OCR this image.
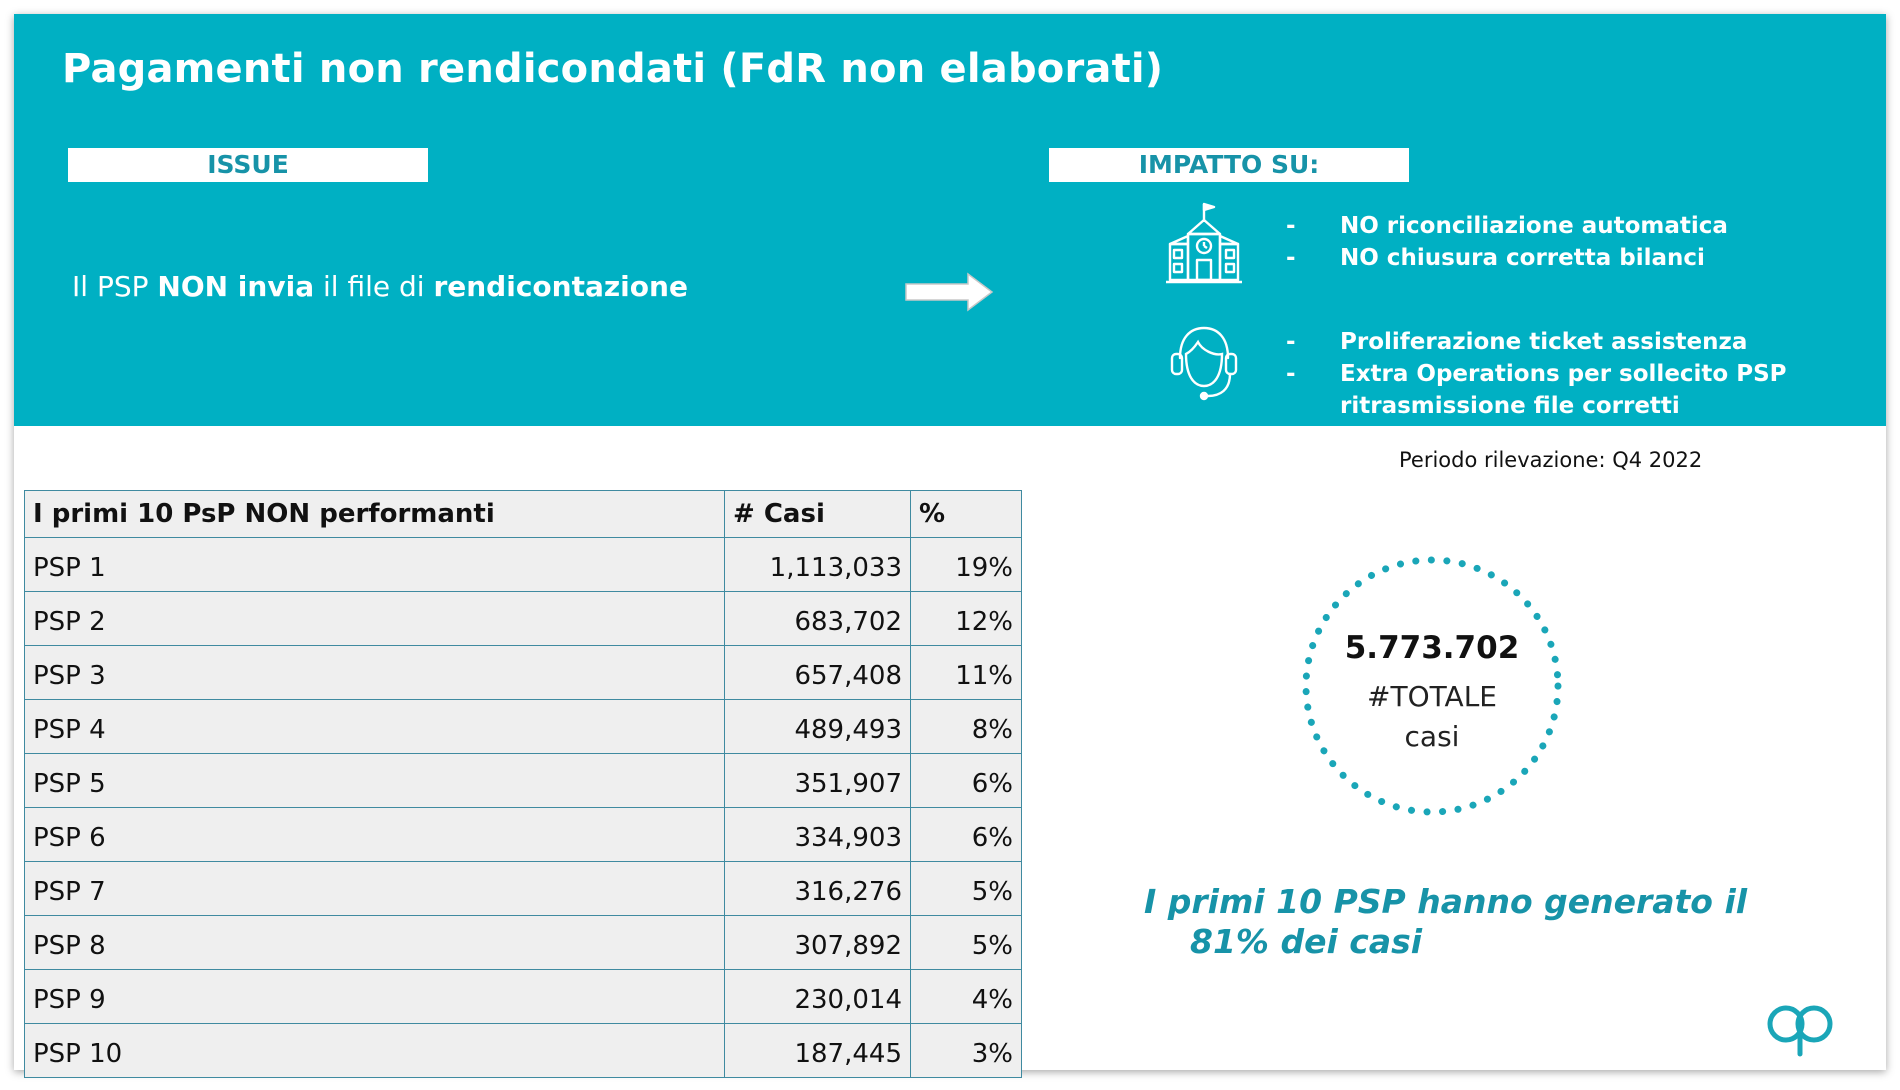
Pagamenti non rendicondati (FdR non elaborati)
ISSUE	IMPATTO SU:
Il PSP NON invia il file di rendicontazione
-	NO riconciliazione automatica
-	NO chiusura corretta bilanci
-	Proliferazione ticket assistenza
-	Extra Operations per sollecito PSP
ritrasmissione file corretti
Periodo rilevazione: Q4 2022
I primi 10 PsP NON performanti	# Casi	%
PSP 1	1,113,033	19%
PSP 2	683,702	12%
PSP 3	657,408	11%
PSP 4	489,493	8%
PSP 5	351,907	6%
PSP 6	334,903	6%
PSP 7	316,276	5%
PSP 8	307,892	5%
PSP 9	230,014	4%
PSP 10	187,445	3%
5.773.702
#TOTALE
casi
I primi 10 PSP hanno generato il
81% dei casi
